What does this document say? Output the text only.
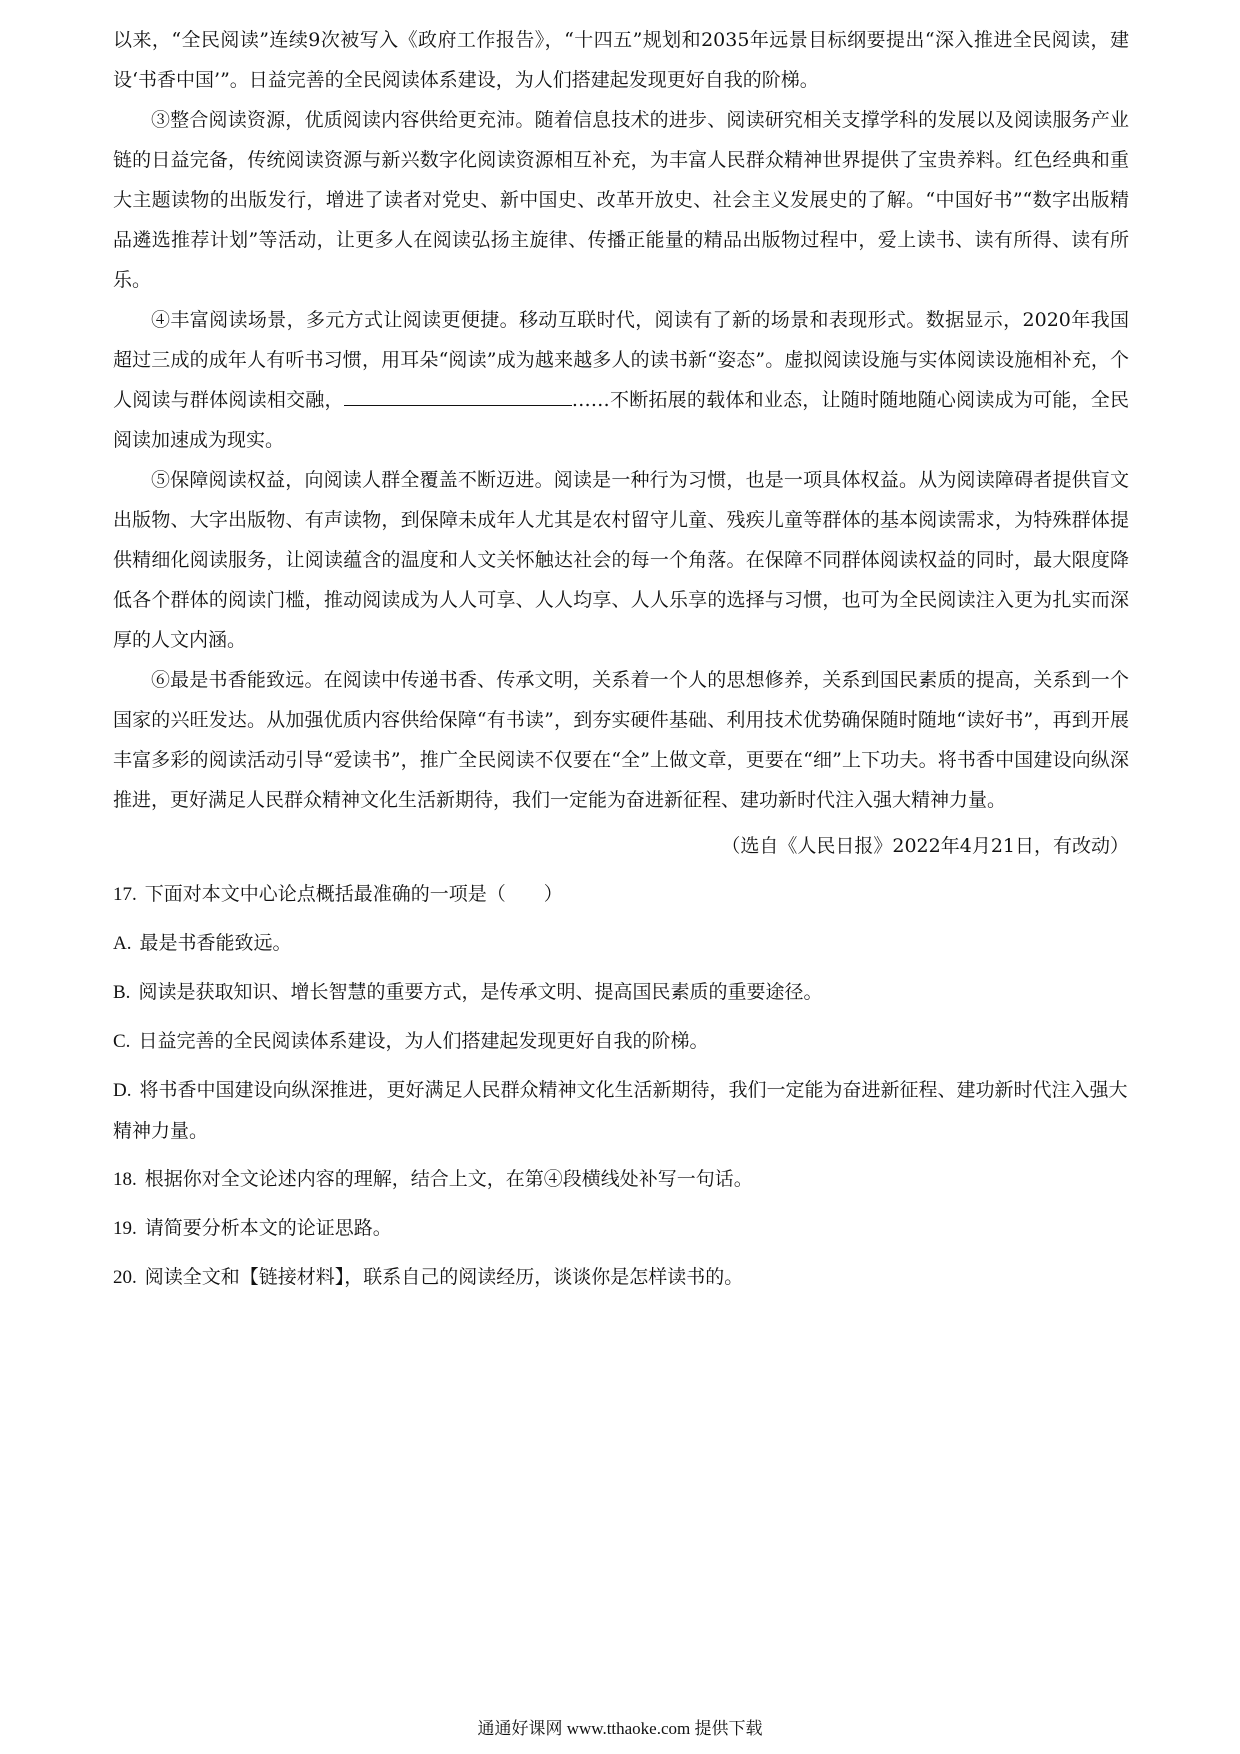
以来，“全民阅读”连续9次被写入《政府工作报告》，“十四五”规划和2035年远景目标纲要提出“深入推进全民阅读，建设‘书香中国’”。日益完善的全民阅读体系建设，为人们搭建起发现更好自我的阶梯。

③整合阅读资源，优质阅读内容供给更充沛。随着信息技术的进步、阅读研究相关支撑学科的发展以及阅读服务产业链的日益完备，传统阅读资源与新兴数字化阅读资源相互补充，为丰富人民群众精神世界提供了宝贵养料。红色经典和重大主题读物的出版发行，增进了读者对党史、新中国史、改革开放史、社会主义发展史的了解。“中国好书”“数字出版精品遴选推荐计划”等活动，让更多人在阅读弘扬主旋律、传播正能量的精品出版物过程中，爱上读书、读有所得、读有所乐。

④丰富阅读场景，多元方式让阅读更便捷。移动互联时代，阅读有了新的场景和表现形式。数据显示，2020年我国超过三成的成年人有听书习惯，用耳朵“阅读”成为越来越多人的读书新“姿态”。虚拟阅读设施与实体阅读设施相补充，个人阅读与群体阅读相交融，	……不断拓展的载体和业态，让随时随地随心阅读成为可能，全民阅读加速成为现实。

⑤保障阅读权益，向阅读人群全覆盖不断迈进。阅读是一种行为习惯，也是一项具体权益。从为阅读障碍者提供盲文出版物、大字出版物、有声读物，到保障未成年人尤其是农村留守儿童、残疾儿童等群体的基本阅读需求，为特殊群体提供精细化阅读服务，让阅读蕴含的温度和人文关怀触达社会的每一个角落。在保障不同群体阅读权益的同时，最大限度降低各个群体的阅读门槛，推动阅读成为人人可享、人人均享、人人乐享的选择与习惯，也可为全民阅读注入更为扎实而深厚的人文内涵。

⑥最是书香能致远。在阅读中传递书香、传承文明，关系着一个人的思想修养，关系到国民素质的提高，关系到一个国家的兴旺发达。从加强优质内容供给保障“有书读”，到夯实硬件基础、利用技术优势确保随时随地“读好书”，再到开展丰富多彩的阅读活动引导“爱读书”，推广全民阅读不仅要在“全”上做文章，更要在“细”上下功夫。将书香中国建设向纵深推进，更好满足人民群众精神文化生活新期待，我们一定能为奋进新征程、建功新时代注入强大精神力量。

（选自《人民日报》2022年4月21日，有改动）

17. 下面对本文中心论点概括最准确的一项是（　　）

A. 最是书香能致远。

B. 阅读是获取知识、增长智慧的重要方式，是传承文明、提高国民素质的重要途径。

C. 日益完善的全民阅读体系建设，为人们搭建起发现更好自我的阶梯。

D. 将书香中国建设向纵深推进，更好满足人民群众精神文化生活新期待，我们一定能为奋进新征程、建功新时代注入强大精神力量。

18. 根据你对全文论述内容的理解，结合上文，在第④段横线处补写一句话。

19. 请简要分析本文的论证思路。

20. 阅读全文和【链接材料】，联系自己的阅读经历，谈谈你是怎样读书的。

通通好课网 www.tthaoke.com 提供下载
